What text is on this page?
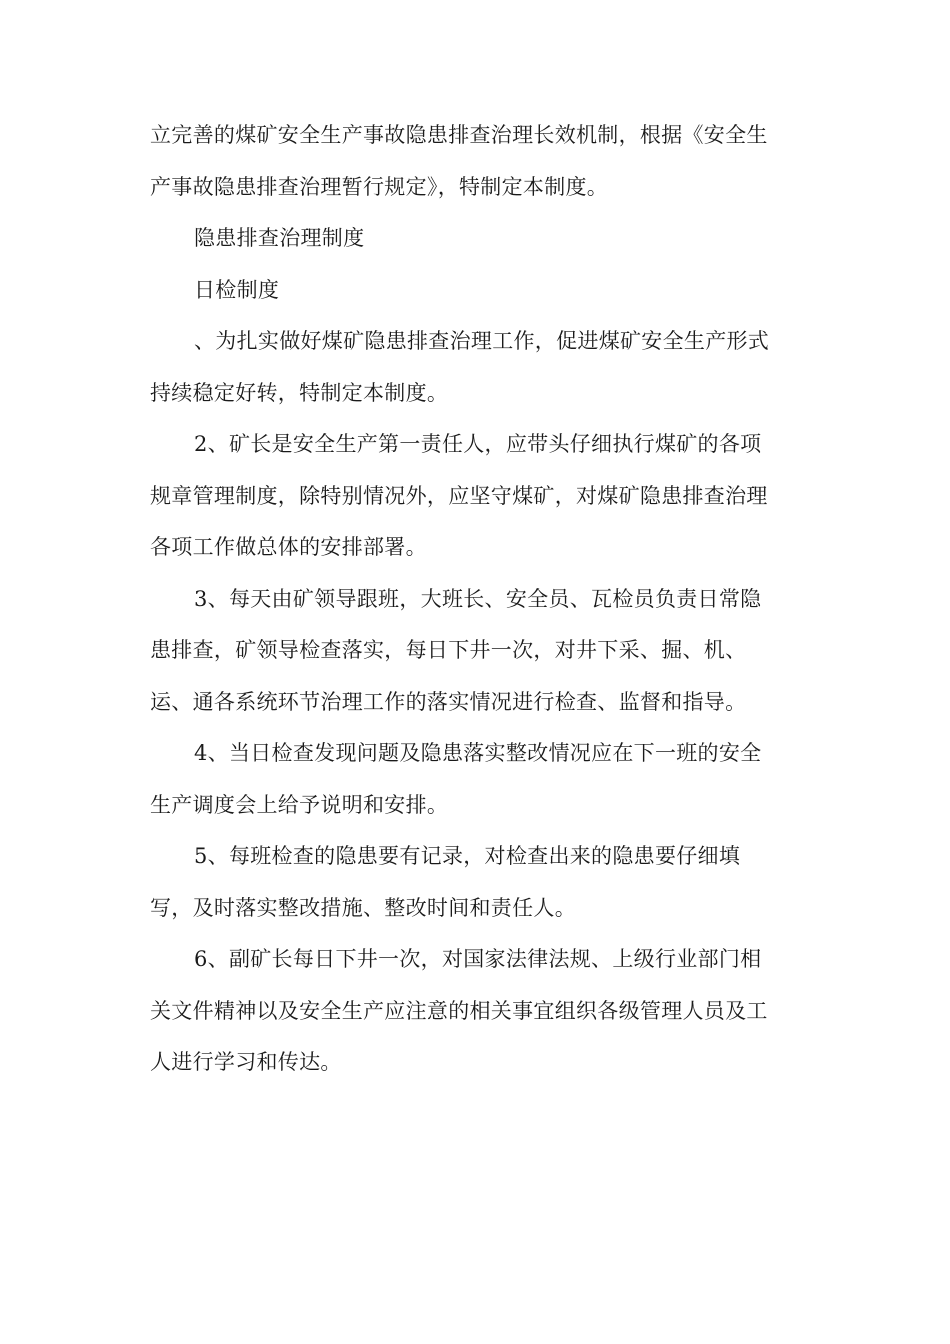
立完善的煤矿安全生产事故隐患排查治理长效机制，根据《安全生
产事故隐患排查治理暂行规定》，特制定本制度。
隐患排查治理制度
日检制度
、为扎实做好煤矿隐患排查治理工作，促进煤矿安全生产形式
持续稳定好转，特制定本制度。
2、矿长是安全生产第一责任人，应带头仔细执行煤矿的各项
规章管理制度，除特别情况外，应坚守煤矿，对煤矿隐患排查治理
各项工作做总体的安排部署。
3、每天由矿领导跟班，大班长、安全员、瓦检员负责日常隐
患排查，矿领导检查落实，每日下井一次，对井下采、掘、机、
运、通各系统环节治理工作的落实情况进行检查、监督和指导。
4、当日检查发现问题及隐患落实整改情况应在下一班的安全
生产调度会上给予说明和安排。
5、每班检查的隐患要有记录，对检查出来的隐患要仔细填
写，及时落实整改措施、整改时间和责任人。
6、副矿长每日下井一次，对国家法律法规、上级行业部门相
关文件精神以及安全生产应注意的相关事宜组织各级管理人员及工
人进行学习和传达。
